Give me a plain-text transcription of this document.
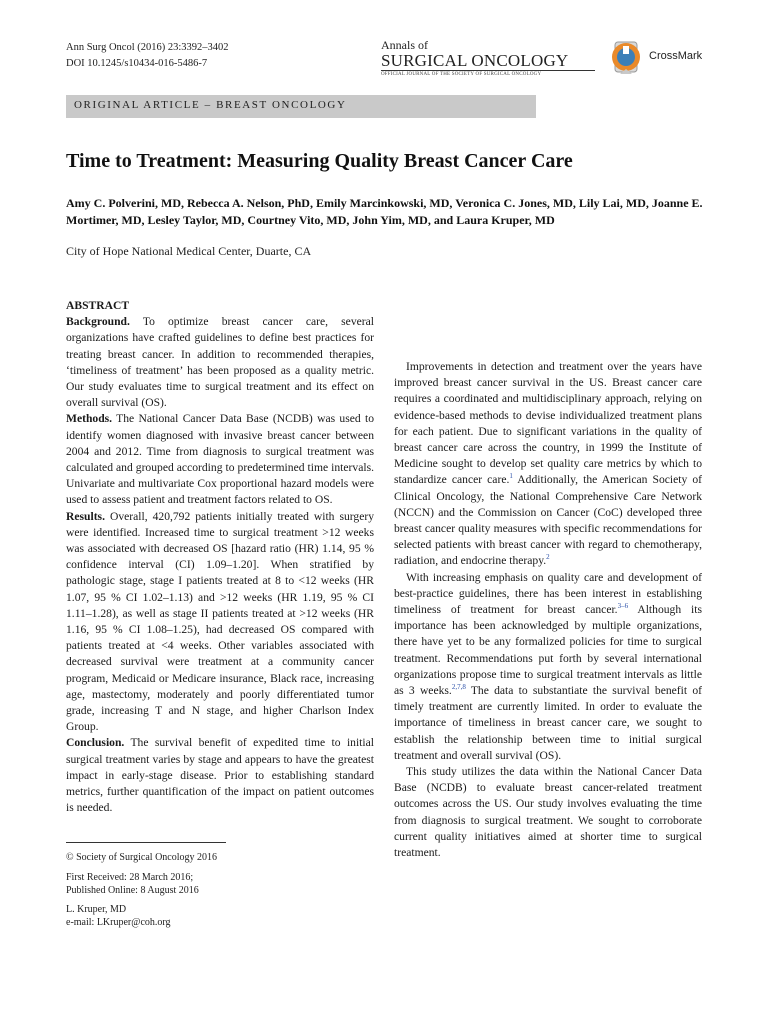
Ann Surg Oncol (2016) 23:3392–3402
DOI 10.1245/s10434-016-5486-7
Annals of
SURGICAL ONCOLOGY
OFFICIAL JOURNAL OF THE SOCIETY OF SURGICAL ONCOLOGY
CrossMark
ORIGINAL ARTICLE – BREAST ONCOLOGY
Time to Treatment: Measuring Quality Breast Cancer Care
Amy C. Polverini, MD, Rebecca A. Nelson, PhD, Emily Marcinkowski, MD, Veronica C. Jones, MD, Lily Lai, MD, Joanne E. Mortimer, MD, Lesley Taylor, MD, Courtney Vito, MD, John Yim, MD, and Laura Kruper, MD
City of Hope National Medical Center, Duarte, CA

ABSTRACT

Background. To optimize breast cancer care, several organizations have crafted guidelines to define best practices for treating breast cancer. In addition to recommended therapies, ‘timeliness of treatment’ has been proposed as a quality metric. Our study evaluates time to surgical treatment and its effect on overall survival (OS).

Methods. The National Cancer Data Base (NCDB) was used to identify women diagnosed with invasive breast cancer between 2004 and 2012. Time from diagnosis to surgical treatment was calculated and grouped according to predetermined time intervals. Univariate and multivariate Cox proportional hazard models were used to assess patient and treatment factors related to OS.

Results. Overall, 420,792 patients initially treated with surgery were identified. Increased time to surgical treatment >12 weeks was associated with decreased OS [hazard ratio (HR) 1.14, 95 % confidence interval (CI) 1.09–1.20]. When stratified by pathologic stage, stage I patients treated at 8 to <12 weeks (HR 1.07, 95 % CI 1.02–1.13) and >12 weeks (HR 1.19, 95 % CI 1.11–1.28), as well as stage II patients treated at >12 weeks (HR 1.16, 95 % CI 1.08–1.25), had decreased OS compared with patients treated at <4 weeks. Other variables associated with decreased survival were treatment at a community cancer program, Medicaid or Medicare insurance, Black race, increasing age, mastectomy, moderately and poorly differentiated tumor grade, increasing T and N stage, and higher Charlson Index Group.

Conclusion. The survival benefit of expedited time to initial surgical treatment varies by stage and appears to have the greatest impact in early-stage disease. Prior to establishing standard metrics, further quantification of the impact on patient outcomes is needed.

Improvements in detection and treatment over the years have improved breast cancer survival in the US. Breast cancer care requires a coordinated and multidisciplinary approach, relying on evidence-based methods to devise individualized treatment plans for each patient. Due to significant variations in the quality of breast cancer care across the country, in 1999 the Institute of Medicine sought to develop set quality care metrics by which to standardize cancer care.$^1$ Additionally, the American Society of Clinical Oncology, the National Comprehensive Care Network (NCCN) and the Commission on Cancer (CoC) developed three breast cancer quality measures with specific recommendations for selected patients with breast cancer with regard to chemotherapy, radiation, and endocrine therapy.$^2$

With increasing emphasis on quality care and development of best-practice guidelines, there has been interest in establishing timeliness of treatment for breast cancer.$^{3-6}$ Although its importance has been acknowledged by multiple organizations, there have yet to be any formalized policies for time to surgical treatment. Recommendations put forth by several international organizations propose time to surgical treatment intervals as little as 3 weeks.$^{2,7,8}$ The data to substantiate the survival benefit of timely treatment are currently limited. In order to evaluate the importance of timeliness in breast cancer care, we sought to establish the relationship between time to initial surgical treatment and overall survival (OS).

This study utilizes the data within the National Cancer Data Base (NCDB) to evaluate breast cancer-related treatment outcomes across the US. Our study involves evaluating the time from diagnosis to surgical treatment. We sought to corroborate current quality initiatives aimed at shorter time to surgical treatment.

© Society of Surgical Oncology 2016
First Received: 28 March 2016;
Published Online: 8 August 2016
L. Kruper, MD
e-mail: LKruper@coh.org
